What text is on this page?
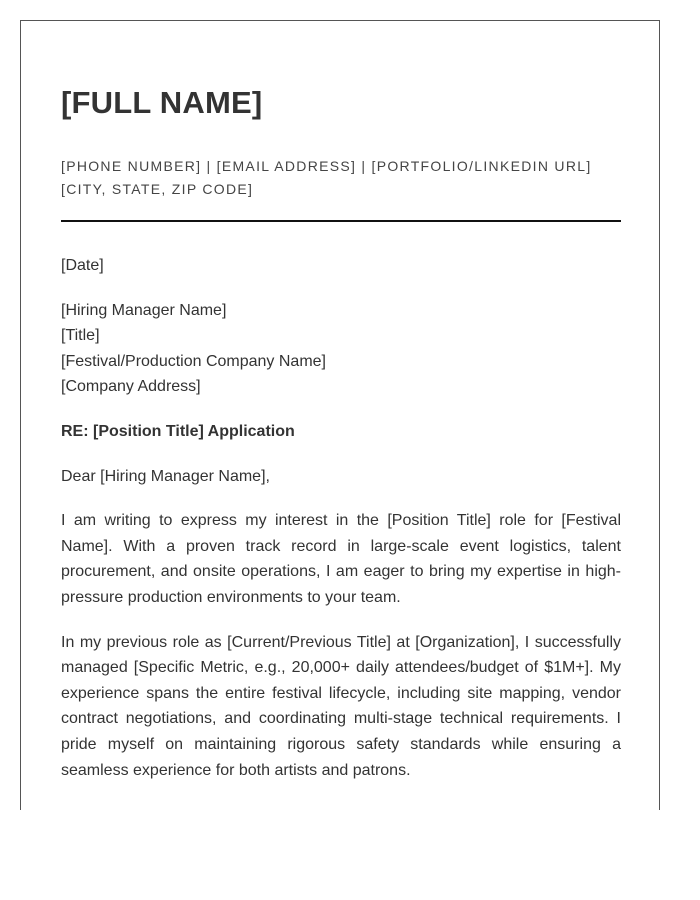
[FULL NAME]
[PHONE NUMBER] | [EMAIL ADDRESS] | [PORTFOLIO/LINKEDIN URL]
[CITY, STATE, ZIP CODE]

[Date]

[Hiring Manager Name]
[Title]
[Festival/Production Company Name]
[Company Address]

RE: [Position Title] Application

Dear [Hiring Manager Name],

I am writing to express my interest in the [Position Title] role for [Festival Name]. With a proven track record in large-scale event logistics, talent procurement, and onsite operations, I am eager to bring my expertise in high-pressure production environments to your team.

In my previous role as [Current/Previous Title] at [Organization], I successfully managed [Specific Metric, e.g., 20,000+ daily attendees/budget of $1M+]. My experience spans the entire festival lifecycle, including site mapping, vendor contract negotiations, and coordinating multi-stage technical requirements. I pride myself on maintaining rigorous safety standards while ensuring a seamless experience for both artists and patrons.
